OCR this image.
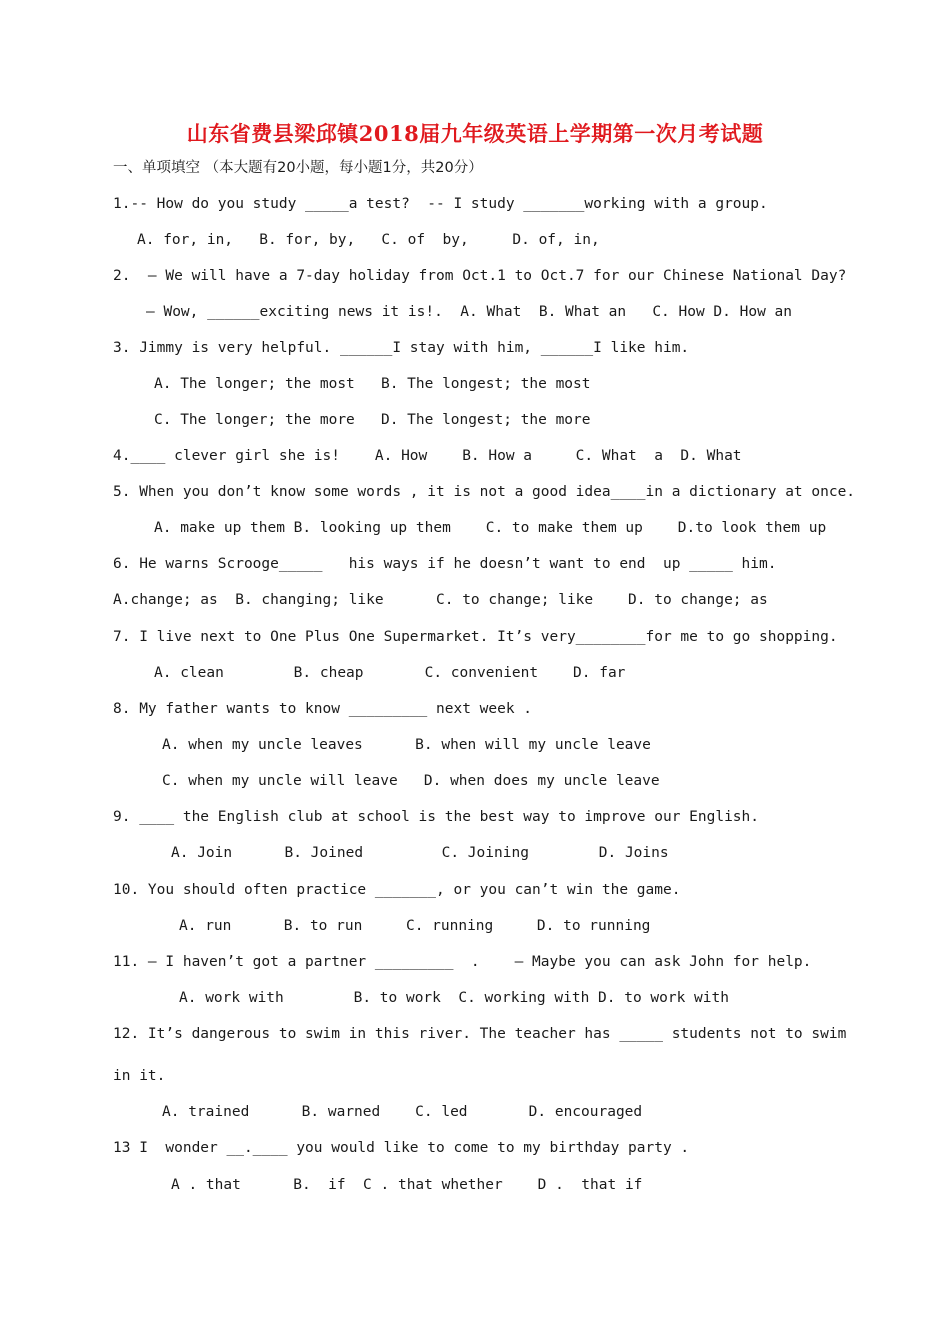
山东省费县梁邱镇2018届九年级英语上学期第一次月考试题
一、单项填空 （本大题有20小题，每小题1分，共20分）
1.-- How do you study _____a test?  -- I study _______working with a group.
A. for, in,   B. for, by,   C. of  by,     D. of, in,
2.  — We will have a 7-day holiday from Oct.1 to Oct.7 for our Chinese National Day?
— Wow, ______exciting news it is!.  A. What  B. What an   C. How D. How an
3. Jimmy is very helpful. ______I stay with him, ______I like him.
A. The longer; the most   B. The longest; the most
C. The longer; the more   D. The longest; the more
4.____ clever girl she is!    A. How    B. How a     C. What  a  D. What
5. When you don’t know some words , it is not a good idea____in a dictionary at once.
A. make up them B. looking up them    C. to make them up    D.to look them up
6. He warns Scrooge_____   his ways if he doesn’t want to end  up _____ him.
A.change; as  B. changing; like      C. to change; like    D. to change; as
7. I live next to One Plus One Supermarket. It’s very________for me to go shopping.
A. clean        B. cheap       C. convenient    D. far
8. My father wants to know _________ next week .
A. when my uncle leaves      B. when will my uncle leave
C. when my uncle will leave   D. when does my uncle leave
9. ____ the English club at school is the best way to improve our English.
A. Join      B. Joined         C. Joining        D. Joins
10. You should often practice _______, or you can’t win the game.
A. run      B. to run     C. running     D. to running
11. — I haven’t got a partner _________  .    — Maybe you can ask John for help.
A. work with        B. to work  C. working with D. to work with
12. It’s dangerous to swim in this river. The teacher has _____ students not to swim
in it.
A. trained      B. warned    C. led       D. encouraged
13 I  wonder __.____ you would like to come to my birthday party .
A . that      B.  if  C . that whether    D .  that if
